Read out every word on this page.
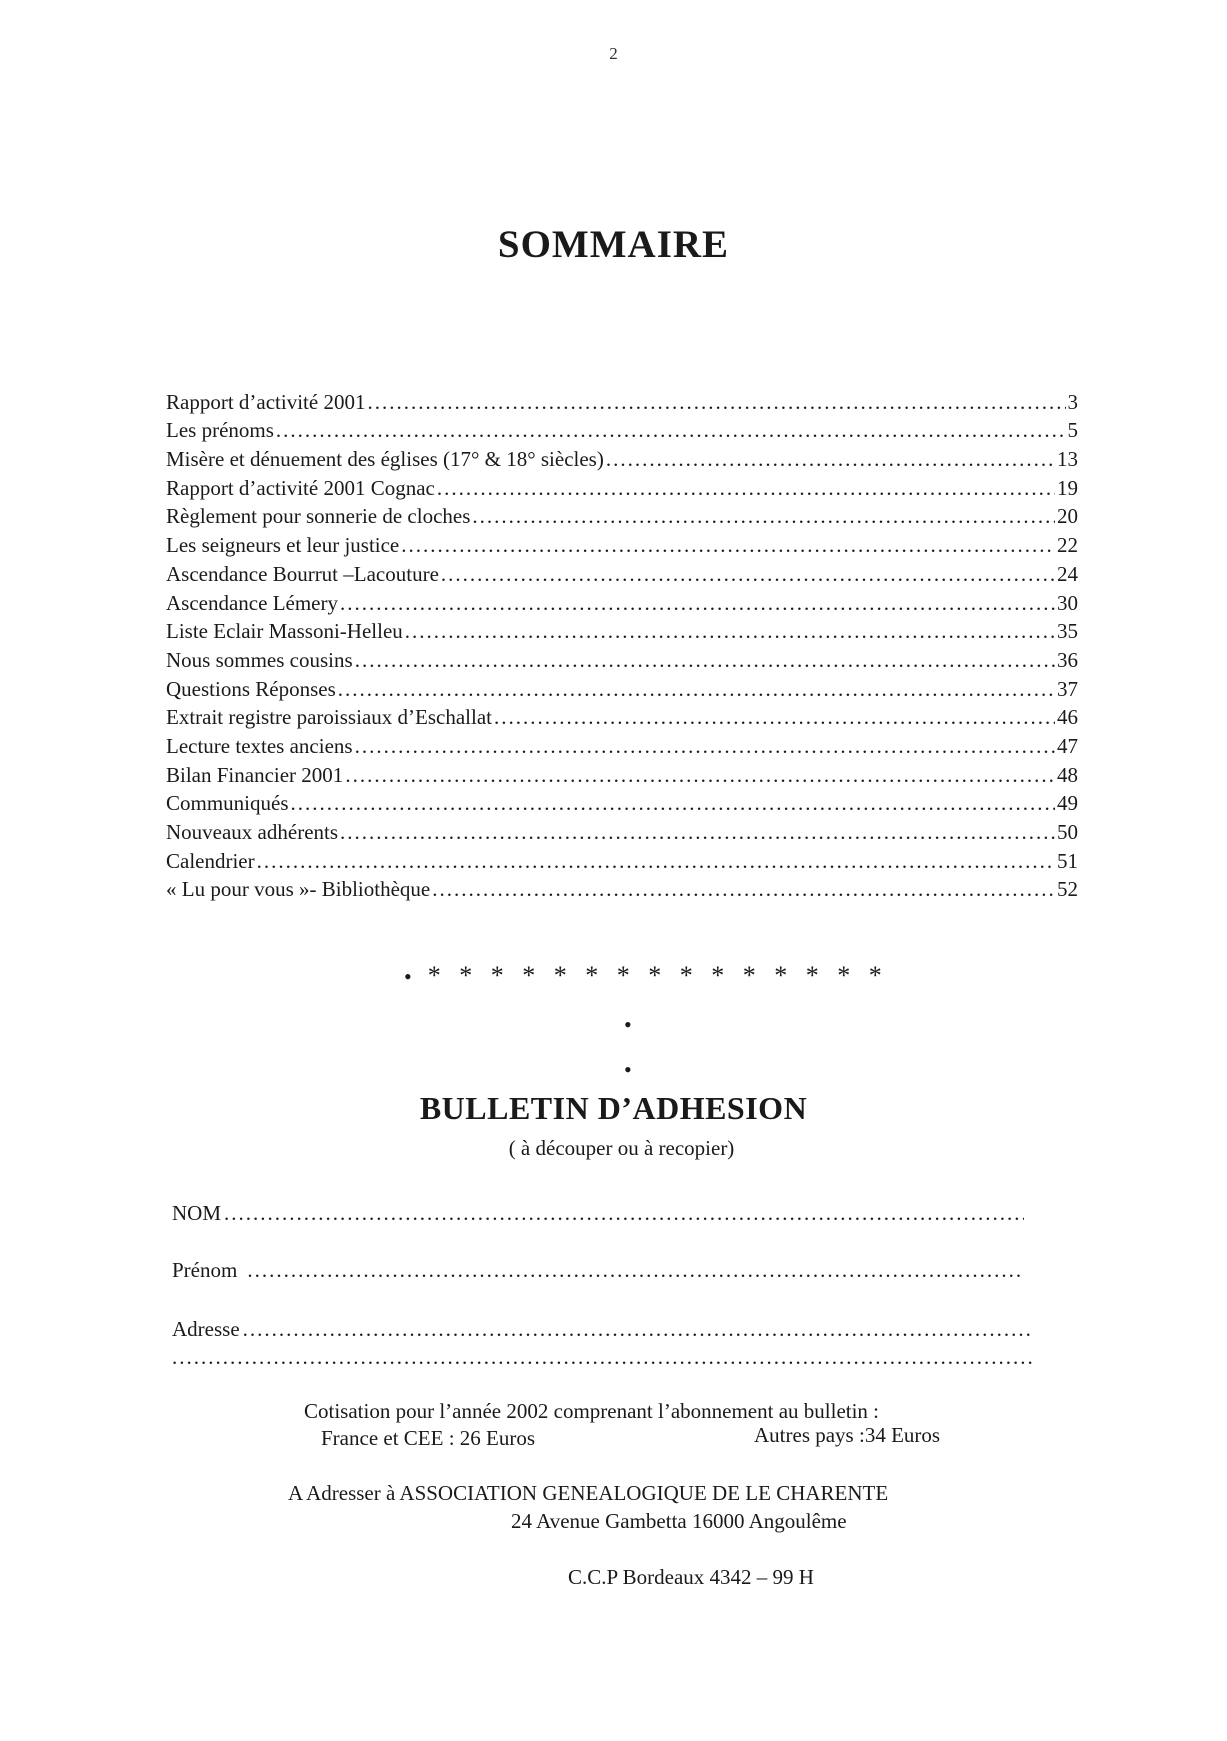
2
SOMMAIRE
Rapport d’activité 2001 .....	3
Les prénoms .....	5
Misère et dénuement des églises (17° & 18° siècles) .....	13
Rapport d’activité 2001 Cognac .....	19
Règlement pour sonnerie de cloches .....	20
Les seigneurs et leur justice .....	22
Ascendance Bourrut –Lacouture .....	24
Ascendance Lémery .....	30
Liste Eclair Massoni-Helleu .....	35
Nous sommes cousins .....	36
Questions Réponses .....	37
Extrait registre paroissiaux d’Eschallat .....	46
Lecture textes anciens .....	47
Bilan Financier 2001 .....	48
Communiqués .....	49
Nouveaux adhérents .....	50
Calendrier .....	51
« Lu pour vous »- Bibliothèque .....	52
• * * * * * * * * * * * * * * *
•
•
BULLETIN D’ADHESION
( à découper ou à recopier)
NOM
.....
Prénom
.....
Adresse
.....
.....
Cotisation pour l’année 2002 comprenant l’abonnement au bulletin :
France et CEE : 26 Euros	Autres pays :34 Euros
A Adresser à ASSOCIATION GENEALOGIQUE DE LE CHARENTE
24 Avenue Gambetta 16000 Angoulême
C.C.P Bordeaux 4342 – 99 H
